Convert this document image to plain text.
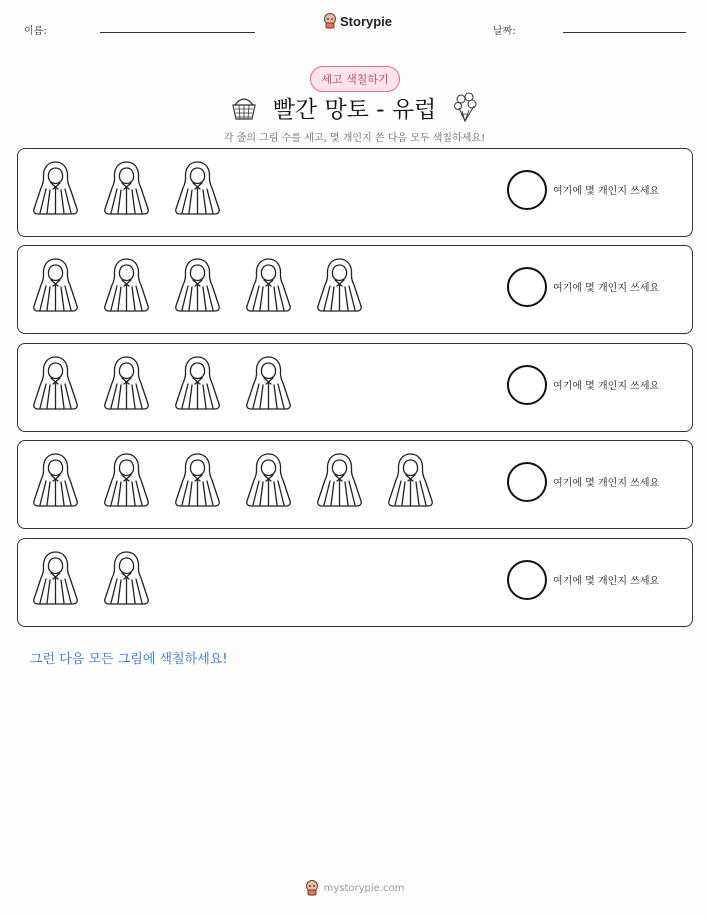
이름:
Storypie
날짜:
세고 색칠하기
빨간 망토 - 유럽
각 줄의 그림 수를 세고, 몇 개인지 쓴 다음 모두 색칠하세요!
여기에 몇 개인지 쓰세요
여기에 몇 개인지 쓰세요
여기에 몇 개인지 쓰세요
여기에 몇 개인지 쓰세요
여기에 몇 개인지 쓰세요
그런 다음 모든 그림에 색칠하세요!
mystorypie.com
